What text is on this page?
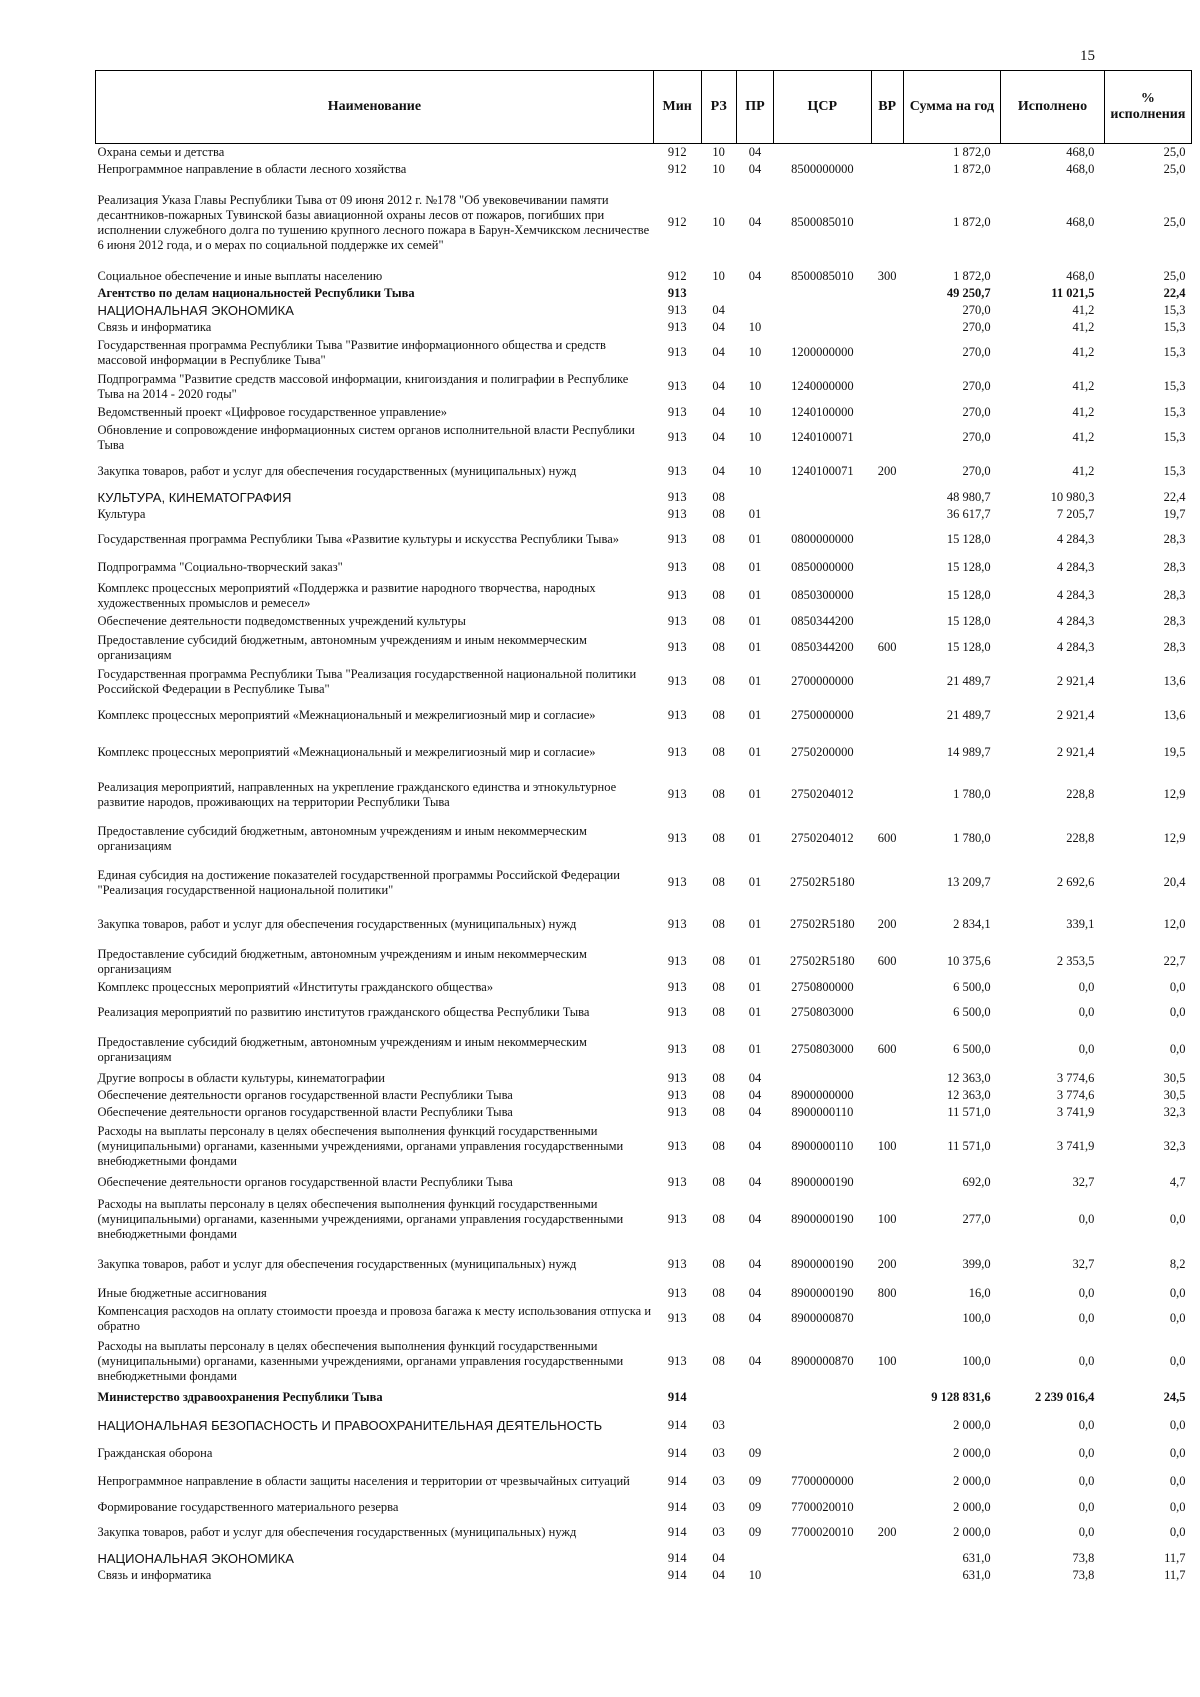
15
Наименование	Мин	РЗ	ПР	ЦСР	ВР	Сумма на год	Исполнено	% исполнения
Охрана семьи и детства	912	10	04			1 872,0	468,0	25,0
Непрограммное направление в области лесного хозяйства	912	10	04	8500000000		1 872,0	468,0	25,0
Реализация Указа Главы Республики Тыва от 09 июня 2012 г. №178 "Об увековечивании памяти десантников-пожарных Тувинской базы авиационной охраны лесов от пожаров, погибших при исполнении служебного долга по тушению крупного лесного пожара в Барун-Хемчикском лесничестве 6 июня 2012 года, и о мерах по социальной поддержке их семей"	912	10	04	8500085010		1 872,0	468,0	25,0
Социальное обеспечение и иные выплаты населению	912	10	04	8500085010	300	1 872,0	468,0	25,0
Агентство по делам национальностей Республики Тыва	913					49 250,7	11 021,5	22,4
НАЦИОНАЛЬНАЯ ЭКОНОМИКА	913	04				270,0	41,2	15,3
Связь и информатика	913	04	10			270,0	41,2	15,3
Государственная программа Республики Тыва "Развитие информационного общества и средств массовой информации в Республике Тыва"	913	04	10	1200000000		270,0	41,2	15,3
Подпрограмма "Развитие средств массовой информации, книгоиздания и полиграфии в Республике Тыва на 2014 - 2020 годы"	913	04	10	1240000000		270,0	41,2	15,3
Ведомственный проект «Цифровое государственное управление»	913	04	10	1240100000		270,0	41,2	15,3
Обновление и сопровождение информационных систем органов исполнительной власти Республики Тыва	913	04	10	1240100071		270,0	41,2	15,3
Закупка товаров, работ и услуг для обеспечения государственных (муниципальных) нужд	913	04	10	1240100071	200	270,0	41,2	15,3
КУЛЬТУРА, КИНЕМАТОГРАФИЯ	913	08				48 980,7	10 980,3	22,4
Культура	913	08	01			36 617,7	7 205,7	19,7
Государственная программа Республики Тыва «Развитие культуры и искусства Республики Тыва»	913	08	01	0800000000		15 128,0	4 284,3	28,3
Подпрограмма "Социально-творческий заказ"	913	08	01	0850000000		15 128,0	4 284,3	28,3
Комплекс процессных мероприятий «Поддержка и развитие народного творчества, народных художественных промыслов и ремесел»	913	08	01	0850300000		15 128,0	4 284,3	28,3
Обеспечение деятельности подведомственных учреждений культуры	913	08	01	0850344200		15 128,0	4 284,3	28,3
Предоставление субсидий бюджетным, автономным учреждениям и иным некоммерческим организациям	913	08	01	0850344200	600	15 128,0	4 284,3	28,3
Государственная программа Республики Тыва "Реализация государственной национальной политики Российской Федерации в Республике Тыва"	913	08	01	2700000000		21 489,7	2 921,4	13,6
Комплекс процессных мероприятий «Межнациональный и межрелигиозный мир и согласие»	913	08	01	2750000000		21 489,7	2 921,4	13,6
Комплекс процессных мероприятий «Межнациональный и межрелигиозный мир и согласие»	913	08	01	2750200000		14 989,7	2 921,4	19,5
Реализация мероприятий, направленных на укрепление гражданского единства и этнокультурное развитие народов, проживающих на территории Республики Тыва	913	08	01	2750204012		1 780,0	228,8	12,9
Предоставление субсидий бюджетным, автономным учреждениям и иным некоммерческим организациям	913	08	01	2750204012	600	1 780,0	228,8	12,9
Единая субсидия на достижение показателей государственной программы Российской Федерации "Реализация государственной национальной политики"	913	08	01	27502R5180		13 209,7	2 692,6	20,4
Закупка товаров, работ и услуг для обеспечения государственных (муниципальных) нужд	913	08	01	27502R5180	200	2 834,1	339,1	12,0
Предоставление субсидий бюджетным, автономным учреждениям и иным некоммерческим организациям	913	08	01	27502R5180	600	10 375,6	2 353,5	22,7
Комплекс процессных мероприятий «Институты гражданского общества»	913	08	01	2750800000		6 500,0	0,0	0,0
Реализация мероприятий по развитию институтов гражданского общества Республики Тыва	913	08	01	2750803000		6 500,0	0,0	0,0
Предоставление субсидий бюджетным, автономным учреждениям и иным некоммерческим организациям	913	08	01	2750803000	600	6 500,0	0,0	0,0
Другие вопросы в области культуры, кинематографии	913	08	04			12 363,0	3 774,6	30,5
Обеспечение деятельности органов государственной власти Республики Тыва	913	08	04	8900000000		12 363,0	3 774,6	30,5
Обеспечение деятельности органов государственной власти Республики Тыва	913	08	04	8900000110		11 571,0	3 741,9	32,3
Расходы на выплаты персоналу в целях обеспечения выполнения функций государственными (муниципальными) органами, казенными учреждениями, органами управления государственными внебюджетными фондами	913	08	04	8900000110	100	11 571,0	3 741,9	32,3
Обеспечение деятельности органов государственной власти Республики Тыва	913	08	04	8900000190		692,0	32,7	4,7
Расходы на выплаты персоналу в целях обеспечения выполнения функций государственными (муниципальными) органами, казенными учреждениями, органами управления государственными внебюджетными фондами	913	08	04	8900000190	100	277,0	0,0	0,0
Закупка товаров, работ и услуг для обеспечения государственных (муниципальных) нужд	913	08	04	8900000190	200	399,0	32,7	8,2
Иные бюджетные ассигнования	913	08	04	8900000190	800	16,0	0,0	0,0
Компенсация расходов на оплату стоимости проезда и провоза багажа к месту использования отпуска и обратно	913	08	04	8900000870		100,0	0,0	0,0
Расходы на выплаты персоналу в целях обеспечения выполнения функций государственными (муниципальными) органами, казенными учреждениями, органами управления государственными внебюджетными фондами	913	08	04	8900000870	100	100,0	0,0	0,0
Министерство здравоохранения Республики Тыва	914					9 128 831,6	2 239 016,4	24,5
НАЦИОНАЛЬНАЯ БЕЗОПАСНОСТЬ И ПРАВООХРАНИТЕЛЬНАЯ ДЕЯТЕЛЬНОСТЬ	914	03				2 000,0	0,0	0,0
Гражданская оборона	914	03	09			2 000,0	0,0	0,0
Непрограммное направление в области защиты населения и территории от чрезвычайных ситуаций	914	03	09	7700000000		2 000,0	0,0	0,0
Формирование государственного материального резерва	914	03	09	7700020010		2 000,0	0,0	0,0
Закупка товаров, работ и услуг для обеспечения государственных (муниципальных) нужд	914	03	09	7700020010	200	2 000,0	0,0	0,0
НАЦИОНАЛЬНАЯ ЭКОНОМИКА	914	04				631,0	73,8	11,7
Связь и информатика	914	04	10			631,0	73,8	11,7
